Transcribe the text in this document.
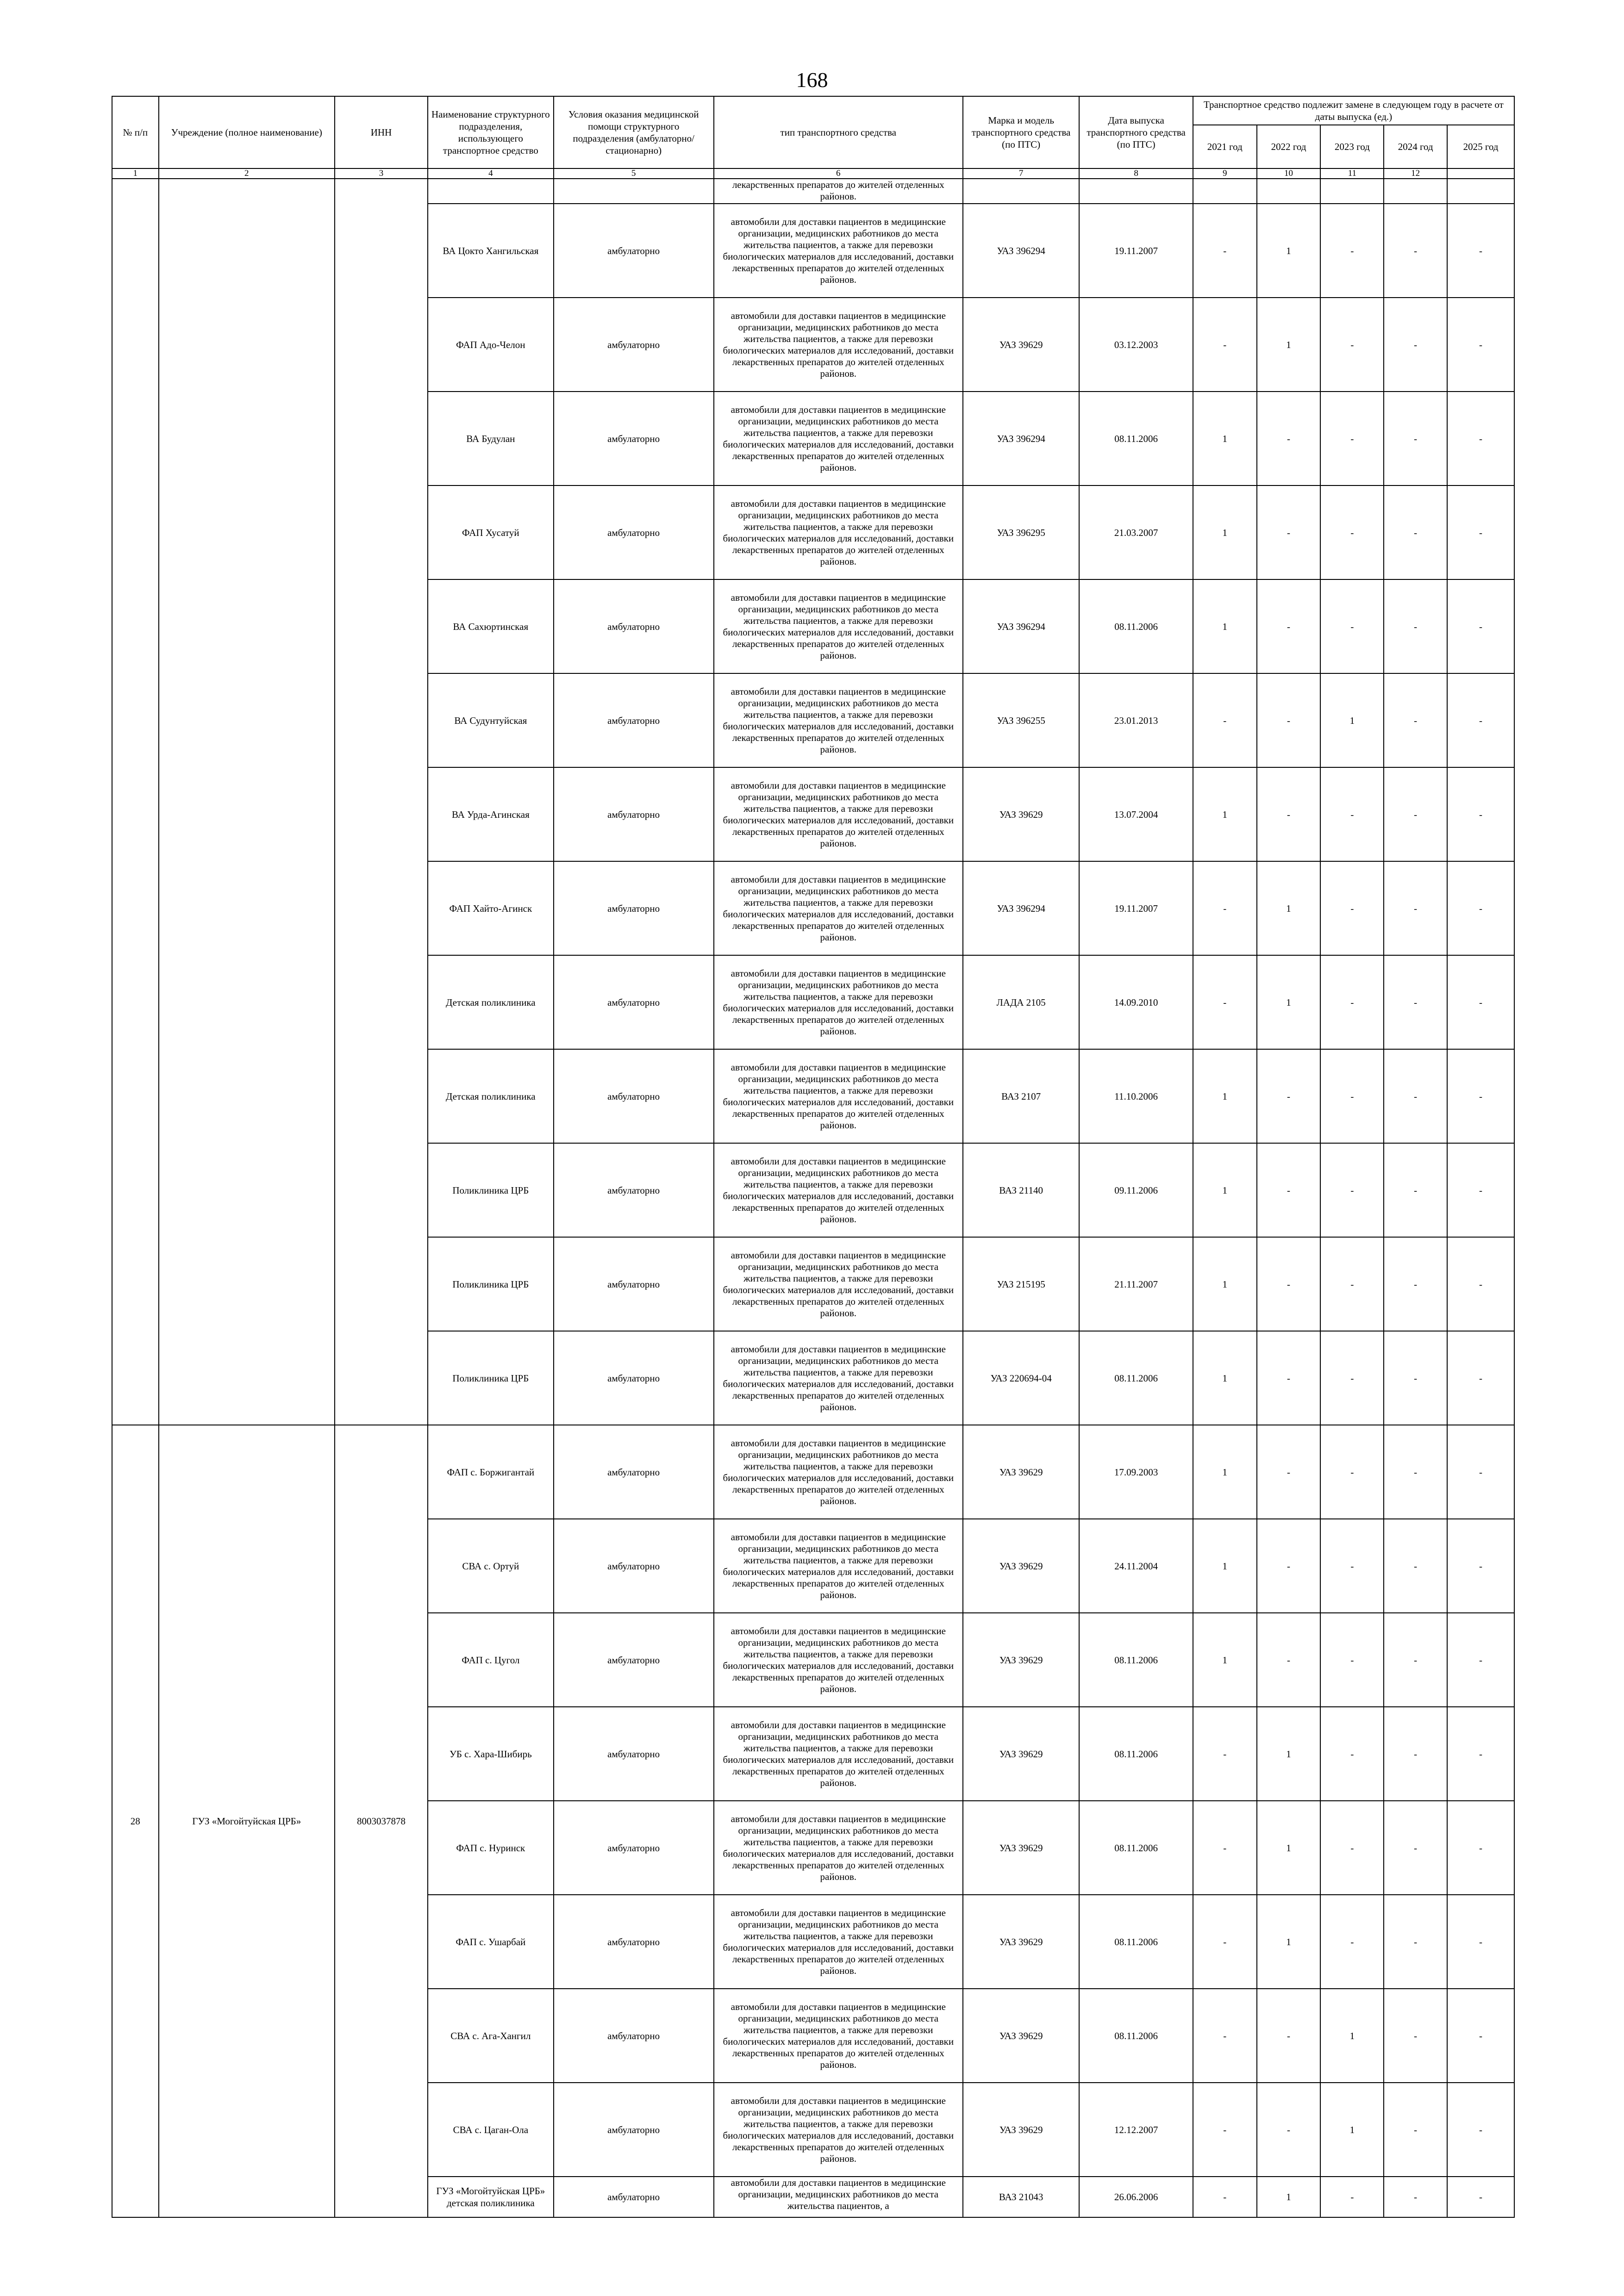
168
№ п/п	Учреждение (полное наименование)	ИНН	Наименование структурного подразделения, использующего транспортное средство	Условия оказания медицинской помощи структурного подразделения (амбулаторно/стационарно)	тип транспортного средства	Марка и модель транспортного средства (по ПТС)	Дата выпуска транспортного средства (по ПТС)	Транспортное средство подлежит замене в следующем году в расчете от даты выпуска (ед.)				
								2021 год	2022 год	2023 год	2024 год	2025 год
1	2	3	4	5	6	7	8	9	10	11	12	
					лекарственных препаратов до жителей отделенных районов.							
			ВА Цокто Хангильская	амбулаторно	автомобили для доставки пациентов в медицинские организации, медицинских работников до места жительства пациентов, а также для перевозки биологических материалов для исследований, доставки лекарственных препаратов до жителей отделенных районов.	УАЗ 396294	19.11.2007	-	1	-	-	-
			ФАП Адо-Челон	амбулаторно	автомобили для доставки пациентов в медицинские организации, медицинских работников до места жительства пациентов, а также для перевозки биологических материалов для исследований, доставки лекарственных препаратов до жителей отделенных районов.	УАЗ 39629	03.12.2003	-	1	-	-	-
			ВА Будулан	амбулаторно	автомобили для доставки пациентов в медицинские организации, медицинских работников до места жительства пациентов, а также для перевозки биологических материалов для исследований, доставки лекарственных препаратов до жителей отделенных районов.	УАЗ 396294	08.11.2006	1	-	-	-	-
			ФАП Хусатуй	амбулаторно	автомобили для доставки пациентов в медицинские организации, медицинских работников до места жительства пациентов, а также для перевозки биологических материалов для исследований, доставки лекарственных препаратов до жителей отделенных районов.	УАЗ 396295	21.03.2007	1	-	-	-	-
			ВА Сахюртинская	амбулаторно	автомобили для доставки пациентов в медицинские организации, медицинских работников до места жительства пациентов, а также для перевозки биологических материалов для исследований, доставки лекарственных препаратов до жителей отделенных районов.	УАЗ 396294	08.11.2006	1	-	-	-	-
			ВА Судунтуйская	амбулаторно	автомобили для доставки пациентов в медицинские организации, медицинских работников до места жительства пациентов, а также для перевозки биологических материалов для исследований, доставки лекарственных препаратов до жителей отделенных районов.	УАЗ 396255	23.01.2013	-	-	1	-	-
			ВА Урда-Агинская	амбулаторно	автомобили для доставки пациентов в медицинские организации, медицинских работников до места жительства пациентов, а также для перевозки биологических материалов для исследований, доставки лекарственных препаратов до жителей отделенных районов.	УАЗ 39629	13.07.2004	1	-	-	-	-
			ФАП Хайто-Агинск	амбулаторно	автомобили для доставки пациентов в медицинские организации, медицинских работников до места жительства пациентов, а также для перевозки биологических материалов для исследований, доставки лекарственных препаратов до жителей отделенных районов.	УАЗ 396294	19.11.2007	-	1	-	-	-
			Детская поликлиника	амбулаторно	автомобили для доставки пациентов в медицинские организации, медицинских работников до места жительства пациентов, а также для перевозки биологических материалов для исследований, доставки лекарственных препаратов до жителей отделенных районов.	ЛАДА 2105	14.09.2010	-	1	-	-	-
			Детская поликлиника	амбулаторно	автомобили для доставки пациентов в медицинские организации, медицинских работников до места жительства пациентов, а также для перевозки биологических материалов для исследований, доставки лекарственных препаратов до жителей отделенных районов.	ВАЗ 2107	11.10.2006	1	-	-	-	-
			Поликлиника ЦРБ	амбулаторно	автомобили для доставки пациентов в медицинские организации, медицинских работников до места жительства пациентов, а также для перевозки биологических материалов для исследований, доставки лекарственных препаратов до жителей отделенных районов.	ВАЗ 21140	09.11.2006	1	-	-	-	-
			Поликлиника ЦРБ	амбулаторно	автомобили для доставки пациентов в медицинские организации, медицинских работников до места жительства пациентов, а также для перевозки биологических материалов для исследований, доставки лекарственных препаратов до жителей отделенных районов.	УАЗ 215195	21.11.2007	1	-	-	-	-
			Поликлиника ЦРБ	амбулаторно	автомобили для доставки пациентов в медицинские организации, медицинских работников до места жительства пациентов, а также для перевозки биологических материалов для исследований, доставки лекарственных препаратов до жителей отделенных районов.	УАЗ 220694-04	08.11.2006	1	-	-	-	-
28	ГУЗ «Могойтуйская ЦРБ»	8003037878	ФАП с. Боржигантай	амбулаторно	автомобили для доставки пациентов в медицинские организации, медицинских работников до места жительства пациентов, а также для перевозки биологических материалов для исследований, доставки лекарственных препаратов до жителей отделенных районов.	УАЗ 39629	17.09.2003	1	-	-	-	-
			СВА с. Ортуй	амбулаторно	автомобили для доставки пациентов в медицинские организации, медицинских работников до места жительства пациентов, а также для перевозки биологических материалов для исследований, доставки лекарственных препаратов до жителей отделенных районов.	УАЗ 39629	24.11.2004	1	-	-	-	-
			ФАП с. Цугол	амбулаторно	автомобили для доставки пациентов в медицинские организации, медицинских работников до места жительства пациентов, а также для перевозки биологических материалов для исследований, доставки лекарственных препаратов до жителей отделенных районов.	УАЗ 39629	08.11.2006	1	-	-	-	-
			УБ с. Хара-Шибирь	амбулаторно	автомобили для доставки пациентов в медицинские организации, медицинских работников до места жительства пациентов, а также для перевозки биологических материалов для исследований, доставки лекарственных препаратов до жителей отделенных районов.	УАЗ 39629	08.11.2006	-	1	-	-	-
			ФАП с. Нуринск	амбулаторно	автомобили для доставки пациентов в медицинские организации, медицинских работников до места жительства пациентов, а также для перевозки биологических материалов для исследований, доставки лекарственных препаратов до жителей отделенных районов.	УАЗ 39629	08.11.2006	-	1	-	-	-
			ФАП с. Ушарбай	амбулаторно	автомобили для доставки пациентов в медицинские организации, медицинских работников до места жительства пациентов, а также для перевозки биологических материалов для исследований, доставки лекарственных препаратов до жителей отделенных районов.	УАЗ 39629	08.11.2006	-	1	-	-	-
			СВА с. Ага-Хангил	амбулаторно	автомобили для доставки пациентов в медицинские организации, медицинских работников до места жительства пациентов, а также для перевозки биологических материалов для исследований, доставки лекарственных препаратов до жителей отделенных районов.	УАЗ 39629	08.11.2006	-	-	1	-	-
			СВА с. Цаган-Ола	амбулаторно	автомобили для доставки пациентов в медицинские организации, медицинских работников до места жительства пациентов, а также для перевозки биологических материалов для исследований, доставки лекарственных препаратов до жителей отделенных районов.	УАЗ 39629	12.12.2007	-	-	1	-	-
			ГУЗ «Могойтуйская ЦРБ» детская поликлиника	амбулаторно	автомобили для доставки пациентов в медицинские организации, медицинских работников до места жительства пациентов, а	ВАЗ 21043	26.06.2006	-	1	-	-	-
